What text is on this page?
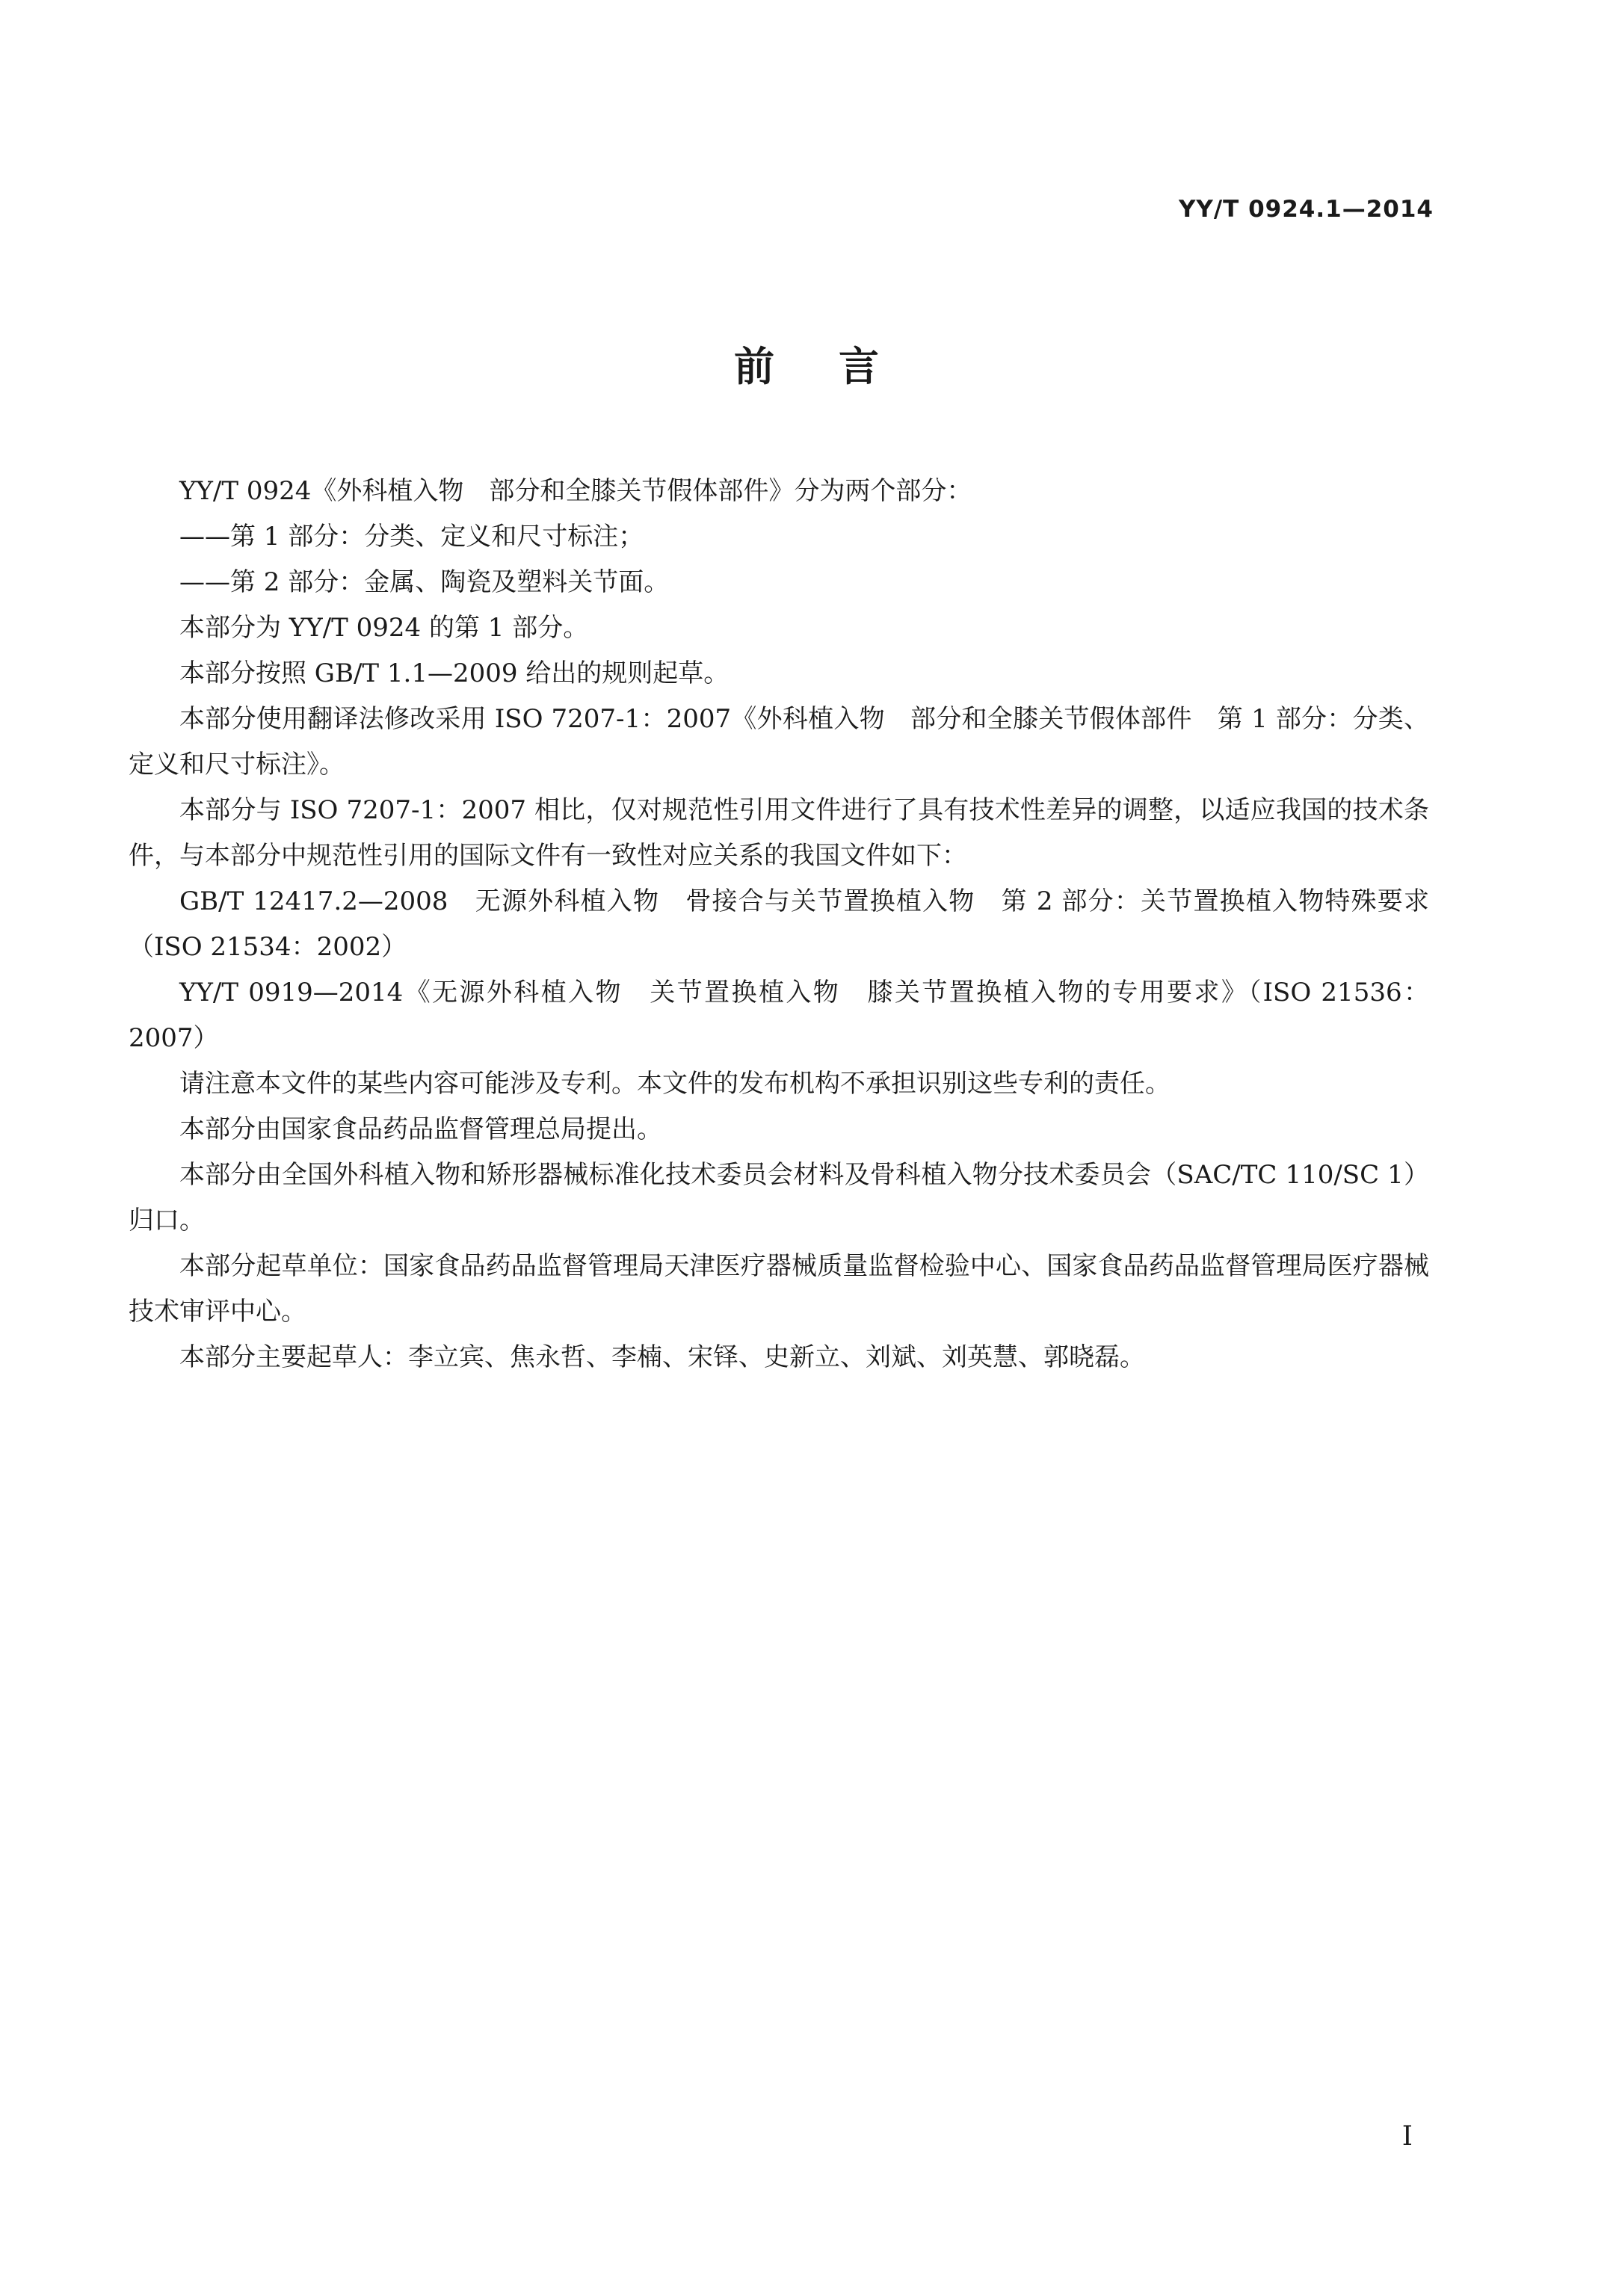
YY/T 0924.1—2014
前言

YY/T 0924《外科植入物　部分和全膝关节假体部件》分为两个部分：

——第 1 部分：分类、定义和尺寸标注；

——第 2 部分：金属、陶瓷及塑料关节面。

本部分为 YY/T 0924 的第 1 部分。

本部分按照 GB/T 1.1—2009 给出的规则起草。

本部分使用翻译法修改采用 ISO 7207-1：2007《外科植入物　部分和全膝关节假体部件　第 1 部分：分类、定义和尺寸标注》。

本部分与 ISO 7207-1：2007 相比，仅对规范性引用文件进行了具有技术性差异的调整，以适应我国的技术条件，与本部分中规范性引用的国际文件有一致性对应关系的我国文件如下：

GB/T 12417.2—2008　无源外科植入物　骨接合与关节置换植入物　第 2 部分：关节置换植入物特殊要求（ISO 21534：2002）

YY/T 0919—2014《无源外科植入物　关节置换植入物　膝关节置换植入物的专用要求》（ISO 21536：2007）

请注意本文件的某些内容可能涉及专利。本文件的发布机构不承担识别这些专利的责任。

本部分由国家食品药品监督管理总局提出。

本部分由全国外科植入物和矫形器械标准化技术委员会材料及骨科植入物分技术委员会（SAC/TC 110/SC 1）归口。

本部分起草单位：国家食品药品监督管理局天津医疗器械质量监督检验中心、国家食品药品监督管理局医疗器械技术审评中心。

本部分主要起草人：李立宾、焦永哲、李楠、宋铎、史新立、刘斌、刘英慧、郭晓磊。

I
